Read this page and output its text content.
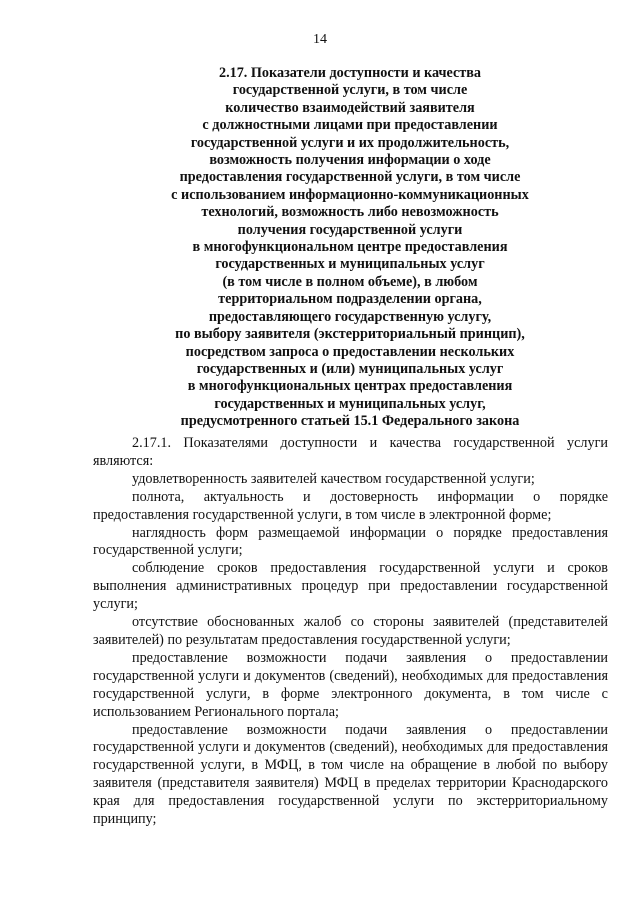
14
2.17. Показатели доступности и качества
государственной услуги, в том числе
количество взаимодействий заявителя
с должностными лицами при предоставлении
государственной услуги и их продолжительность,
возможность получения информации о ходе
предоставления государственной услуги, в том числе
с использованием информационно-коммуникационных
технологий, возможность либо невозможность
получения государственной услуги
в многофункциональном центре предоставления
государственных и муниципальных услуг
(в том числе в полном объеме), в любом
территориальном подразделении органа,
предоставляющего государственную услугу,
по выбору заявителя (экстерриториальный принцип),
посредством запроса о предоставлении нескольких
государственных и (или) муниципальных услуг
в многофункциональных центрах предоставления
государственных и муниципальных услуг,
предусмотренного статьей 15.1 Федерального закона

2.17.1. Показателями доступности и качества государственной услуги являются:

удовлетворенность заявителей качеством государственной услуги;

полнота, актуальность и достоверность информации о порядке предоставления государственной услуги, в том числе в электронной форме;

наглядность форм размещаемой информации о порядке предоставления государственной услуги;

соблюдение сроков предоставления государственной услуги и сроков выполнения административных процедур при предоставлении государственной услуги;

отсутствие обоснованных жалоб со стороны заявителей (представителей заявителей) по результатам предоставления государственной услуги;

предоставление возможности подачи заявления о предоставлении государственной услуги и документов (сведений), необходимых для предоставления государственной услуги, в форме электронного документа, в том числе с использованием Регионального портала;

предоставление возможности подачи заявления о предоставлении государственной услуги и документов (сведений), необходимых для предоставления государственной услуги, в МФЦ, в том числе на обращение в любой по выбору заявителя (представителя заявителя) МФЦ в пределах территории Краснодарского края для предоставления государственной услуги по экстерриториальному принципу;
